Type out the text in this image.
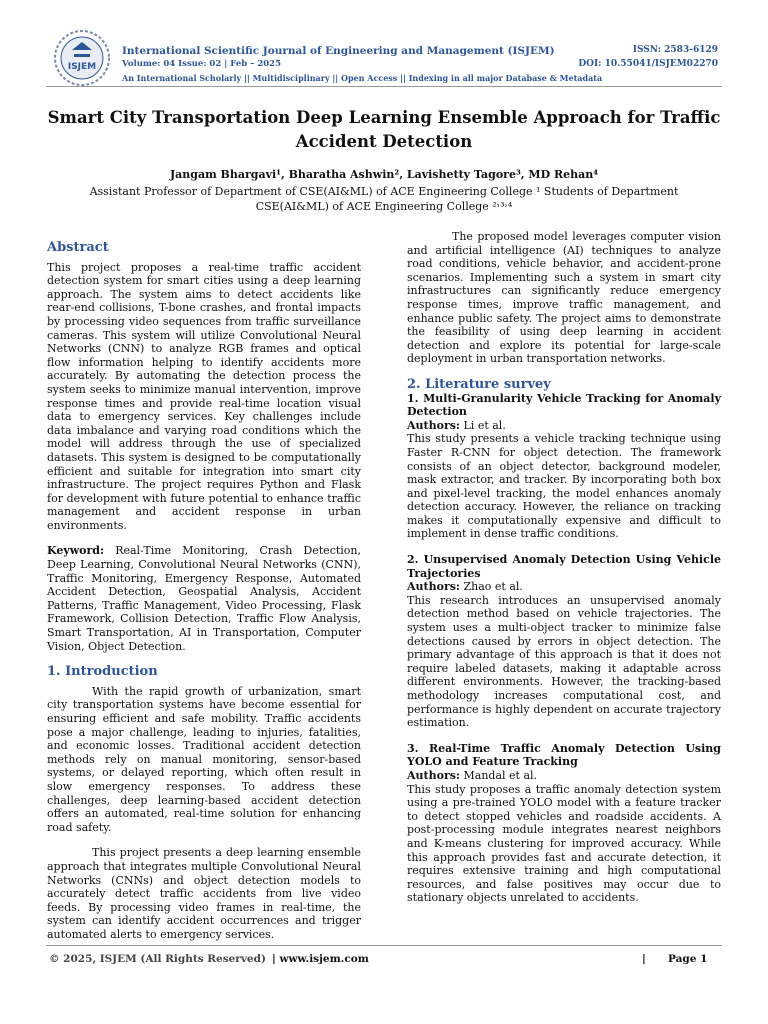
ISJEM
International Scientific Journal of Engineering and Management (ISJEM)
Volume: 04 Issue: 02 | Feb – 2025
An International Scholarly || Multidisciplinary || Open Access || Indexing in all major Database & Metadata
ISSN: 2583-6129
DOI: 10.55041/ISJEM02270
Smart City Transportation Deep Learning Ensemble Approach for Traffic Accident Detection
Jangam Bhargavi¹, Bharatha Ashwin², Lavishetty Tagore³, MD Rehan⁴
Assistant Professor of Department of CSE(AI&ML) of ACE Engineering College ¹ Students of Department CSE(AI&ML) of ACE Engineering College ²˒³˒⁴
Abstract

This project proposes a real-time traffic accident detection system for smart cities using a deep learning approach. The system aims to detect accidents like rear-end collisions, T-bone crashes, and frontal impacts by processing video sequences from traffic surveillance cameras. This system will utilize Convolutional Neural Networks (CNN) to analyze RGB frames and optical flow information helping to identify accidents more accurately. By automating the detection process the system seeks to minimize manual intervention, improve response times and provide real-time location visual data to emergency services. Key challenges include data imbalance and varying road conditions which the model will address through the use of specialized datasets. This system is designed to be computationally efficient and suitable for integration into smart city infrastructure. The project requires Python and Flask for development with future potential to enhance traffic management and accident response in urban environments.

Keyword: Real-Time Monitoring, Crash Detection, Deep Learning, Convolutional Neural Networks (CNN), Traffic Monitoring, Emergency Response, Automated Accident Detection, Geospatial Analysis, Accident Patterns, Traffic Management, Video Processing, Flask Framework, Collision Detection, Traffic Flow Analysis, Smart Transportation, AI in Transportation, Computer Vision, Object Detection.

1. Introduction

With the rapid growth of urbanization, smart city transportation systems have become essential for ensuring efficient and safe mobility. Traffic accidents pose a major challenge, leading to injuries, fatalities, and economic losses. Traditional accident detection methods rely on manual monitoring, sensor-based systems, or delayed reporting, which often result in slow emergency responses. To address these challenges, deep learning-based accident detection offers an automated, real-time solution for enhancing road safety.

This project presents a deep learning ensemble approach that integrates multiple Convolutional Neural Networks (CNNs) and object detection models to accurately detect traffic accidents from live video feeds. By processing video frames in real-time, the system can identify accident occurrences and trigger automated alerts to emergency services.

The proposed model leverages computer vision and artificial intelligence (AI) techniques to analyze road conditions, vehicle behavior, and accident-prone scenarios. Implementing such a system in smart city infrastructures can significantly reduce emergency response times, improve traffic management, and enhance public safety. The project aims to demonstrate the feasibility of using deep learning in accident detection and explore its potential for large-scale deployment in urban transportation networks.

2. Literature survey
1. Multi-Granularity Vehicle Tracking for Anomaly Detection

Authors: Li et al.

This study presents a vehicle tracking technique using Faster R-CNN for object detection. The framework consists of an object detector, background modeler, mask extractor, and tracker. By incorporating both box and pixel-level tracking, the model enhances anomaly detection accuracy. However, the reliance on tracking makes it computationally expensive and difficult to implement in dense traffic conditions.

2. Unsupervised Anomaly Detection Using Vehicle Trajectories

Authors: Zhao et al.

This research introduces an unsupervised anomaly detection method based on vehicle trajectories. The system uses a multi-object tracker to minimize false detections caused by errors in object detection. The primary advantage of this approach is that it does not require labeled datasets, making it adaptable across different environments. However, the tracking-based methodology increases computational cost, and performance is highly dependent on accurate trajectory estimation.

3. Real-Time Traffic Anomaly Detection Using YOLO and Feature Tracking

Authors: Mandal et al.

This study proposes a traffic anomaly detection system using a pre-trained YOLO model with a feature tracker to detect stopped vehicles and roadside accidents. A post-processing module integrates nearest neighbors and K-means clustering for improved accuracy. While this approach provides fast and accurate detection, it requires extensive training and high computational resources, and false positives may occur due to stationary objects unrelated to accidents.

© 2025, ISJEM (All Rights Reserved) | www.isjem.com	| Page 1
